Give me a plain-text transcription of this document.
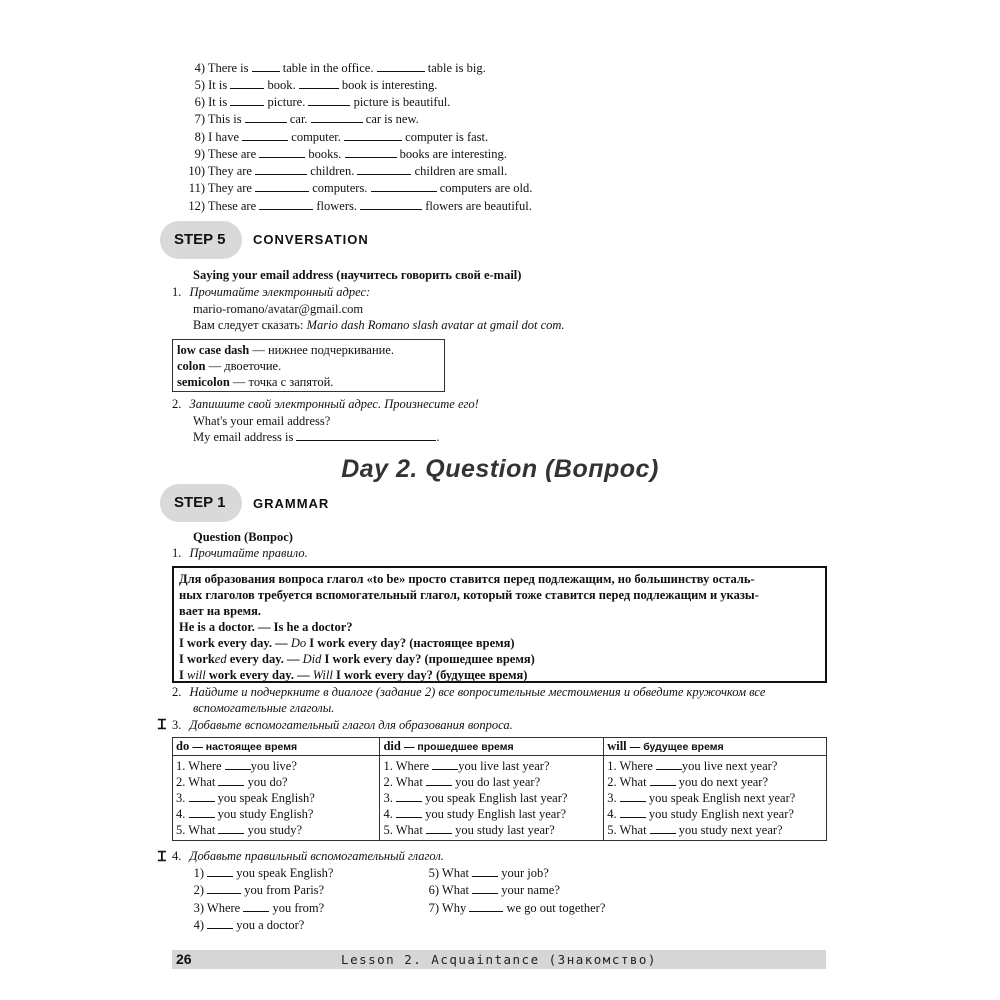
4) There is	table in the office.	table is big.
5) It is	book.	book is interesting.
6) It is	picture.	picture is beautiful.
7) This is	car.	car is new.
8) I have	computer.	computer is fast.
9) These are	books.	books are interesting.
10) They are	children.	children are small.
11) They are	computers.	computers are old.
12) These are	flowers.	flowers are beautiful.
STEP 5	CONVERSATION
Saying your email address (научитесь говорить свой e-mail)
1. Прочитайте электронный адрес:
mario-romano/avatar@gmail.com
Вам следует сказать: Mario dash Romano slash avatar at gmail dot com.
low case dash — нижнее подчеркивание.
colon — двоеточие.
semicolon — точка с запятой.
2. Запишите свой электронный адрес. Произнесите его!
What's your email address?
My email address is	.
Day 2. Question (Вопрос)
STEP 1	GRAMMAR
Question (Вопрос)
1. Прочитайте правило.
Для образования вопроса глагол «to be» просто ставится перед подлежащим, но большинству осталь-
ных глаголов требуется вспомогательный глагол, который тоже ставится перед подлежащим и указы-
вает на время.
He is a doctor. — Is he a doctor?
I work every day. — Do I work every day? (настоящее время)
I worked every day. — Did I work every day? (прошедшее время)
I will work every day. — Will I work every day? (будущее время)
2. Найдите и подчеркните в диалоге (задание 2) все вопросительные местоимения и обведите кружочком все
вспомогательные глаголы.
Ɪ 3. Добавьте вспомогательный глагол для образования вопроса.
do — настоящее время	did — прошедшее время	will — будущее время
1. Where you live?	1. Where you live last year?	1. Where you live next year?
2. What you do?	2. What you do last year?	2. What you do next year?
3. you speak English?	3. you speak English last year?	3. you speak English next year?
4. you study English?	4. you study English last year?	4. you study English next year?
5. What you study?	5. What you study last year?	5. What you study next year?
Ɪ 4. Добавьте правильный вспомогательный глагол.
1)	you speak English?
2)	you from Paris?
3) Where	you from?
4)	you a doctor?
5) What	your job?
6) What	your name?
7) Why	we go out together?
26	Lesson 2. Acquaintance (Знакомство)
